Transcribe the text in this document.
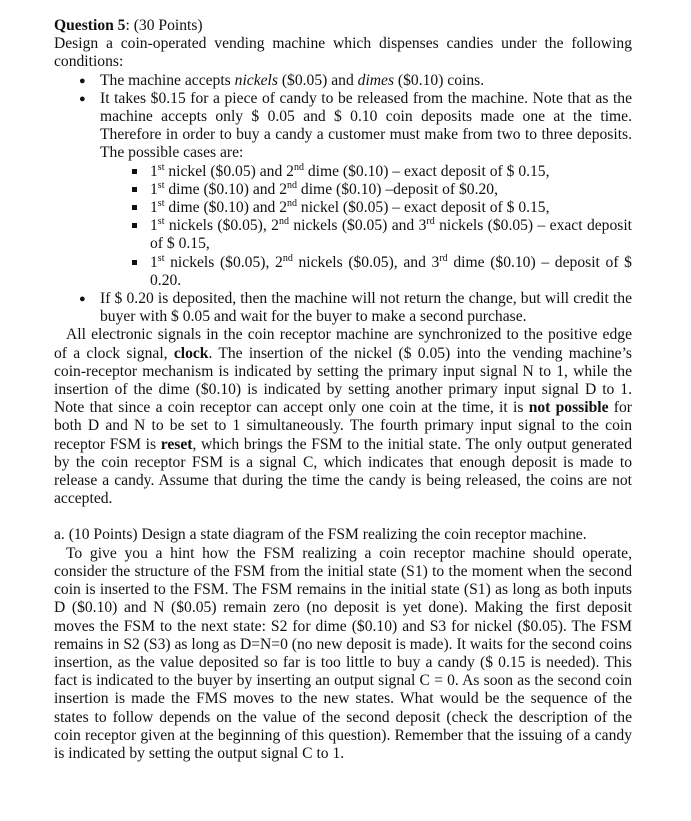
Question 5: (30 Points)

Design a coin-operated vending machine which dispenses candies under the following conditions:

● The machine accepts nickels ($0.05) and dimes ($0.10) coins.

● It takes $0.15 for a piece of candy to be released from the machine. Note that as the machine accepts only $ 0.05 and $ 0.10 coin deposits made one at the time. Therefore in order to buy a candy a customer must make from two to three deposits. The possible cases are:

1st nickel ($0.05) and 2nd dime ($0.10) – exact deposit of $ 0.15,
1st dime ($0.10) and 2nd dime ($0.10) –deposit of $0.20,
1st dime ($0.10) and 2nd nickel ($0.05) – exact deposit of $ 0.15,
1st nickels ($0.05), 2nd nickels ($0.05) and 3rd nickels ($0.05) – exact deposit of $ 0.15,
1st nickels ($0.05), 2nd nickels ($0.05), and 3rd dime ($0.10) – deposit of $ 0.20.
● If $ 0.20 is deposited, then the machine will not return the change, but will credit the buyer with $ 0.05 and wait for the buyer to make a second purchase.

All electronic signals in the coin receptor machine are synchronized to the positive edge of a clock signal, clock. The insertion of the nickel ($ 0.05) into the vending machine’s coin-receptor mechanism is indicated by setting the primary input signal N to 1, while the insertion of the dime ($0.10) is indicated by setting another primary input signal D to 1. Note that since a coin receptor can accept only one coin at the time, it is not possible for both D and N to be set to 1 simultaneously. The fourth primary input signal to the coin receptor FSM is reset, which brings the FSM to the initial state. The only output generated by the coin receptor FSM is a signal C, which indicates that enough deposit is made to release a candy. Assume that during the time the candy is being released, the coins are not accepted.

a. (10 Points) Design a state diagram of the FSM realizing the coin receptor machine.

To give you a hint how the FSM realizing a coin receptor machine should operate, consider the structure of the FSM from the initial state (S1) to the moment when the second coin is inserted to the FSM. The FSM remains in the initial state (S1) as long as both inputs D ($0.10) and N ($0.05) remain zero (no deposit is yet done). Making the first deposit moves the FSM to the next state: S2 for dime ($0.10) and S3 for nickel ($0.05). The FSM remains in S2 (S3) as long as D=N=0 (no new deposit is made). It waits for the second coins insertion, as the value deposited so far is too little to buy a candy ($ 0.15 is needed). This fact is indicated to the buyer by inserting an output signal C = 0. As soon as the second coin insertion is made the FMS moves to the new states. What would be the sequence of the states to follow depends on the value of the second deposit (check the description of the coin receptor given at the beginning of this question). Remember that the issuing of a candy is indicated by setting the output signal C to 1.
